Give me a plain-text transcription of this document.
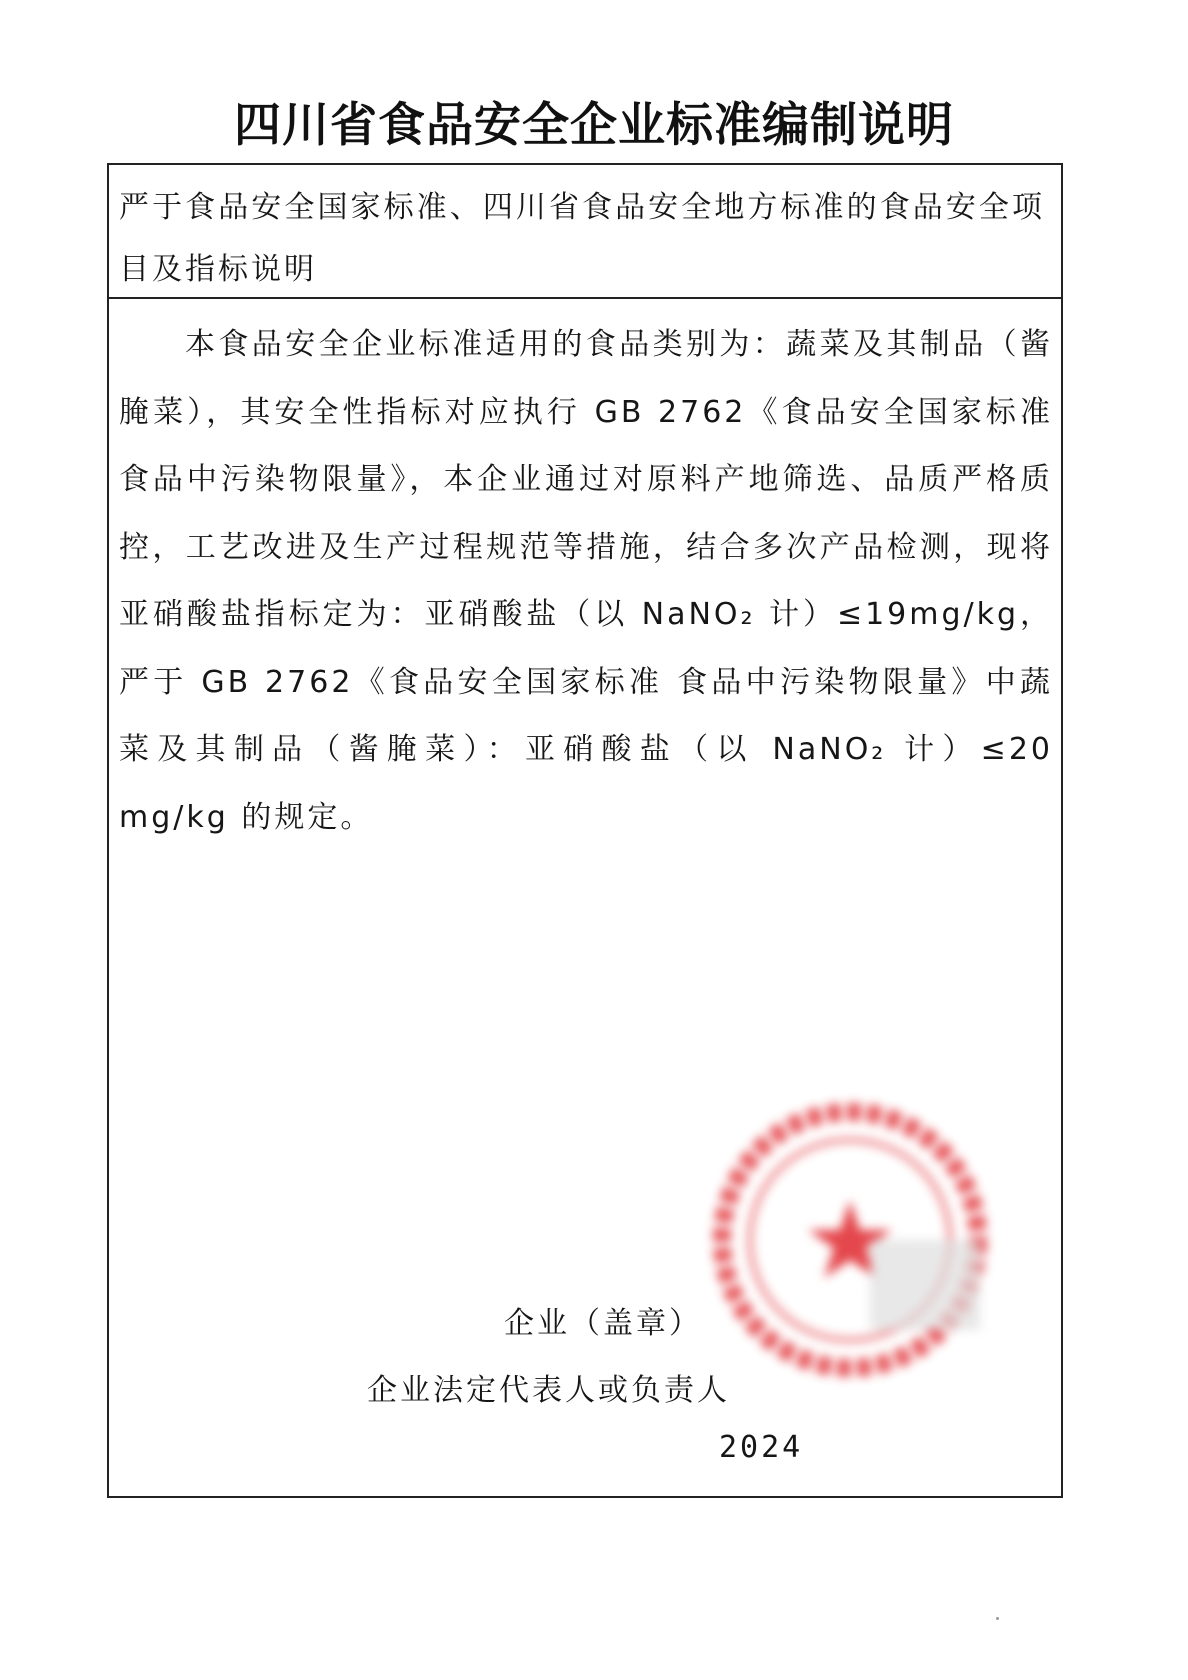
四川省食品安全企业标准编制说明
严于食品安全国家标准、四川省食品安全地方标准的食品安全项目及指标说明
本食品安全企业标准适用的食品类别为：蔬菜及其制品（酱腌菜），其安全性指标对应执行 GB 2762《食品安全国家标准 食品中污染物限量》，本企业通过对原料产地筛选、品质严格质控，工艺改进及生产过程规范等措施，结合多次产品检测，现将亚硝酸盐指标定为：亚硝酸盐（以 NaNO₂ 计）≤19mg/kg，严于 GB 2762《食品安全国家标准 食品中污染物限量》中蔬菜及其制品（酱腌菜）：亚硝酸盐（以 NaNO₂ 计）≤20 mg/kg 的规定。
企业（盖章）
企业法定代表人或负责人
2024
